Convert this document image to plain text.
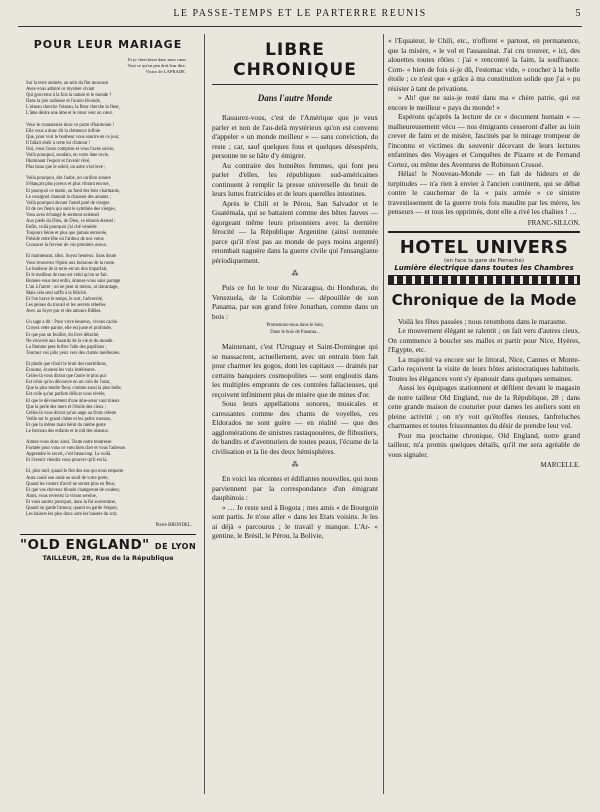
LE PASSE-TEMPS ET LE PARTERRE REUNIS	5
POUR LEUR MARIAGE
Et je chercherai dans mon cœur
Tout ce qu'on peu doit leur dire.
Victor de LAPRADE.
Sur la terre animée, au sein du flot mouvant
Avez-vous admiré ce mystère vivant
Qui gouverne à la fois la nature et le monde ?
Dans la joie radieuse et l'union féconde,
L'oiseau cherche l'oiseau, la fleur cherche la fleur,
L'âme désire une âme et le cœur veut un cœur.
Vous le connaissiez donc ce pacte d'harmonie !
Elle vous a donc dit la clémence infinie
Que, pour voir le bonheur vous sourire en ce jour,
Il fallait obéir à cette loi d'amour !
Oui, vous l'avez comprise et vous l'avez suivie,
Voilà pourquoi, soudain, en votre âme ravie,
Illuminant l'espoir et l'avenir rêvé,
Plus beau que le soleil, un astre s'est levé ;
Voilà pourquoi, dès l'aube, un carillon sonore
S'élançait plus joyeux et plus vibrant encore,
Et pourquoi ce matin, au fond des bois charmants,
Le rossignol chantait la chanson des amants ;
Voilà pourquoi devant l'autel paré de vierges
Et de ces fleurs qui sont le symbole des vierges,
Vous avez échangé le serment solennel
Aux pieds du Dieu, de Dieu, ce témoin éternel ;
Enfin, voilà pourquoi j'ai cité vénérée
Toujours bénie et plus que jamais entourée,
Préside cette fête où l'ardeur de nos vœux
Consacre la ferveur de vos premiers aveux.
Et maintenant, allez. Soyez heureux. Sans doute
Vous trouverez l'épine aux buissons de la route.
Le bonheur de la terre est un don imparfait,
Et le meilleur de tous est celui qu'on se fait.
Bonnes-vous tout enfin, donnez-vous sans partage
L'un à l'autre ; on ne peut ni mieux, ni davantage,
Mais cela seul suffit à la félicité.
Et l'on brave le temps, le sort, l'adversité,
Les peines du travail et les secrets rebelles
Avec au foyer pur et des amours fidèles.
Un sage a dit : Pour vivre heureux, vivons caché.
Croyez cette parole, elle est juste et profonde,
Et que pas un feuillet, du livre détaché,
Ne s'envole aux hasards de la vie et du monde.
La flamme peut briller l'aile des papillons ;
Tournez vos jolis yeux vers des clartés meilleures.
Et plutôt que d'ouïr le bruit des tourbillons,
Écoutez, écoutez les voix intérieures.
Celles-là vous diront que l'astre le plus pur
Est celui qu'on découvre en un coin de l'azur,
Que la plus tendre fleur, comme aussi la plus belle,
Est celle qu'un parfum délicat vous révèle,
Et que le dévouement d'une âme-sœur vaut mieux
Que la perle des mers et l'étoile des cieux ;
Celles-là vous diront qu'un ange au front céleste
Veille sur le grand chêne et les petits roseaux,
Et que la même main bénit du même geste
Le berceau des enfants et le nid des oiseaux.
Aimez-vous donc ainsi. Toute notre tendresse
Formée pour vous ce vœu bien cher et vous l'adresse.
Apprendre le secret, c'est beaucoup. Le voilà.
Et l'avenir viendra vous prouver qu'il est là.
Et, plus tard, quand le flot des ans qui nous emporte
Aura coulé son onde au seuil de votre porte,
Quand les rosiers d'avril ne seront plus en fleur,
Et que vos cheveux blonds changeront de couleur,
Alors, vous reverrez la vision sereine,
Et vous saurez pourquoi, dans la foi souveraine,
Quand on garde l'amour, quand on garde l'espoir,
Les baisers les plus doux sont les baisers du soir.
Pierre BRONDEL.
"OLD ENGLAND" DE LYON
TAILLEUR, 28, Rue de la République
LIBRE CHRONIQUE
Dans l'autre Monde

Rassurez-vous, c'est de l'Amérique que je veux parler et non de l'au-delà mystérieux qu'on est convenu d'appeler « un monde meilleur » — sans conviction, du reste ; car, sauf quelques fous et quelques désespérés, personne ne se hâte d'y émigrer.

Au contraire des honnêtes femmes, qui font peu parler d'elles, les républiques sud-américaines continuent à remplir la presse universelle du bruit de leurs luttes fratricides et de leurs querelles intestines.

Après le Chili et le Pérou, San Salvador et le Guatémala, qui se battaient comme des bêtes fauves — égorgeant même leurs prisonniers avec la dernière férocité — la République Argentine (ainsi nommée parce qu'il n'est pas au monde de pays moins argenté) retombait naguère dans la guerre civile qui l'ensanglante périodiquement.

⁂

Puis ce fut le tour du Nicaragua, du Honduras, du Venezuela, de la Colombie — dépouillée de son Panama, par son grand frère Jonathan, comme dans un bois :

Promenons-nous dans le bois,
Dans le bois de Panama...

Maintenant, c'est l'Uruguay et Saint-Domingue qui se massacrent, actuellement, avec un entrain bien fait pour charmer les gogos, dont les capitaux — drainés par certains banquiers cosmopolites — sont engloutis dans les multiples emprunts de ces contrées fallacieuses, qui reçoivent infiniment plus de misère que de mines d'or.

Sous leurs appellations sonores, musicales et caressantes comme des chants de voyelles, ces Eldorados ne sont guère — en réalité — que des agglomérations de sinistres rastaquouères, de flibustiers, de bandits et d'aventuriers de toutes peaux, l'écume de la civilisation et la lie des deux hémisphères.

⁂

En voici les récentes et édifiantes nouvelles, qui nous parviennent par la correspondance d'un émigrant dauphinois :

« … Je reste seul à Bogota ; mes amis « de Bourgoin sont partis. Je n'ose aller « dans les Etats voisins. Je les ai déjà « parcourus ; le travail y manque. L'Ar- « gentine, le Brésil, le Pérou, la Bolivie,

« l'Equateur, le Chili, etc., n'offrent « partout, en permanence, que la misère, « le vol et l'assassinat. J'ai cru trouver, « ici, des alouettes toutes rôties : j'ai « rencontré la faim, la souffrance. Com- « bien de fois si-je dû, l'estomac vide, « coucher à la belle étoile ; ce n'est que « grâce à ma constitution solide que j'ai « pu résister à tant de privations.

» Ah! que ne suis-je resté dans ma « chère patrie, qui est encore le meilleur « pays du monde! »

Espérons qu'après la lecture de ce « document humain » — malheureusement vécu — nos émigrants cesseront d'aller au loin crever de faim et de misère, fascinés par le mirage trompeur de l'inconnu et victimes du souvenir décevant de leurs lectures enfantines des Voyages et Conquêtes de Pizarre et de Fernand Cortez, ou même des Aventures de Robinson Crusoé.

Hélas! le Nouveau-Monde — en fait de hideurs et de turpitudes — n'a rien à envier à l'ancien continent, qui se débat contre le cauchemar de la « paix armée » ce sinistre travestissement de la guerre trois fois maudite par les mères, les penseurs — et tous les opprimés, dont elle a rivé les chaînes ! …

FRANC-SILLON.
HOTEL UNIVERS
(en face la gare de Perrache)
Lumière électrique dans toutes les Chambres
Chronique de la Mode

Voilà les fêtes passées ; nous retombons dans le marasme.

Le mouvement élégant se ralentit ; on fait vers d'autres cieux. On commence à boucler ses malles et partir pour Nice, Hyères, l'Egypte, etc.

La majorité va encore sur le littoral, Nice, Cannes et Monte-Carlo reçoivent la visite de leurs hôtes aristocratiques habituels. Toutes les élégances vont s'y épanouir dans quelques semaines.

Aussi les équipages stationnent et défilent devant le magasin de notre tailleur Old England, rue de la République, 28 ; dans cette grande maison de couturier pour dames les ateliers sont en pleine activité ; on n'y voit qu'étoffes rieuses, fanfreluches charmantes et toutes frissonnantes du désir de prendre leur vol.

Pour ma prochaine chronique, Old England, notre grand tailleur, m'a promis quelques détails, qu'il me sera agréable de vous signaler.

MARCELLE.
